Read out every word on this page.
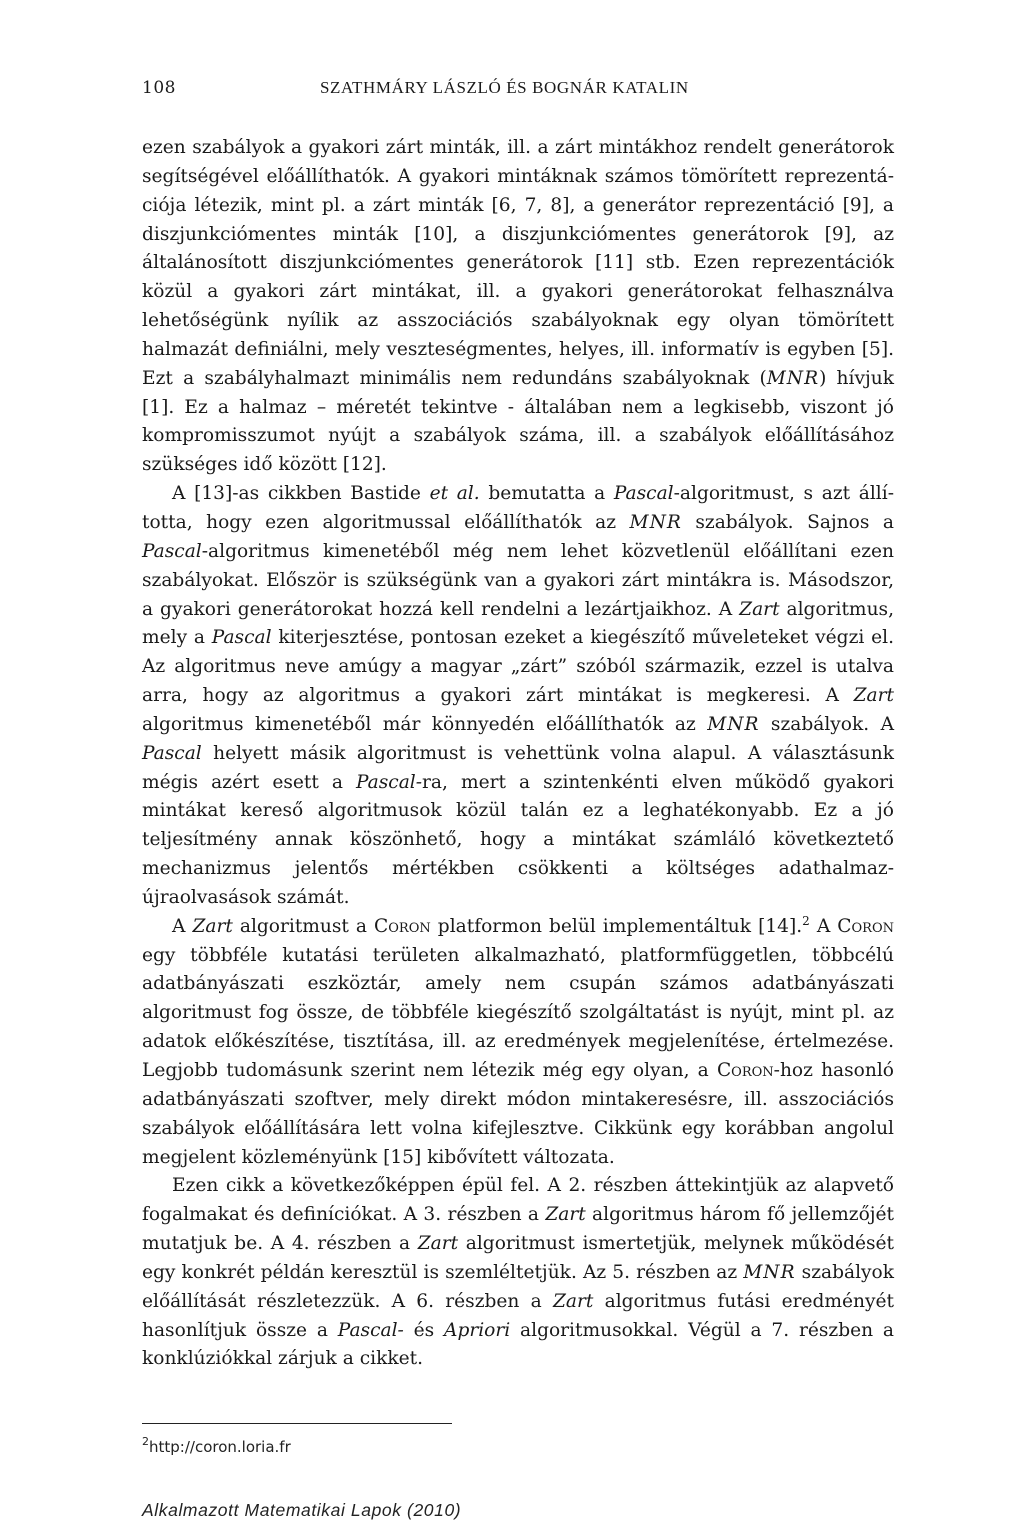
108	SZATHMÁRY LÁSZLÓ ÉS BOGNÁR KATALIN

ezen szabályok a gyakori zárt minták, ill. a zárt mintákhoz rendelt generátorok segítségével előállíthatók. A gyakori mintáknak számos tömörített reprezentációja létezik, mint pl. a zárt minták [6, 7, 8], a generátor reprezentáció [9], a diszjunkciómentes minták [10], a diszjunkciómentes generátorok [9], az általánosított diszjunkciómentes generátorok [11] stb. Ezen reprezentációk közül a gyakori zárt mintákat, ill. a gyakori generátorokat felhasználva lehetőségünk nyílik az asszociációs szabályoknak egy olyan tömörített halmazát definiálni, mely veszteségmentes, helyes, ill. informatív is egyben [5]. Ezt a szabályhalmazt minimális nem redundáns szabályoknak (MNR) hívjuk [1]. Ez a halmaz – méretét tekintve - általában nem a legkisebb, viszont jó kompromisszumot nyújt a szabályok száma, ill. a szabályok előállításához szükséges idő között [12].

A [13]-as cikkben Bastide et al. bemutatta a Pascal-algoritmust, s azt állította, hogy ezen algoritmussal előállíthatók az MNR szabályok. Sajnos a Pascal-algoritmus kimenetéből még nem lehet közvetlenül előállítani ezen szabályokat. Először is szükségünk van a gyakori zárt mintákra is. Másodszor, a gyakori generátorokat hozzá kell rendelni a lezártjaikhoz. A Zart algoritmus, mely a Pascal kiterjesztése, pontosan ezeket a kiegészítő műveleteket végzi el. Az algoritmus neve amúgy a magyar „zárt” szóból származik, ezzel is utalva arra, hogy az algoritmus a gyakori zárt mintákat is megkeresi. A Zart algoritmus kimenetéből már könnyedén előállíthatók az MNR szabályok. A Pascal helyett másik algoritmust is vehettünk volna alapul. A választásunk mégis azért esett a Pascal-ra, mert a szintenkénti elven működő gyakori mintákat kereső algoritmusok közül talán ez a leghatékonyabb. Ez a jó teljesítmény annak köszönhető, hogy a mintákat számláló következtető mechanizmus jelentős mértékben csökkenti a költséges adathalmaz-újraolvasások számát.

A Zart algoritmust a Coron platformon belül implementáltuk [14].$^2$ A Coron egy többféle kutatási területen alkalmazható, platformfüggetlen, többcélú adatbányászati eszköztár, amely nem csupán számos adatbányászati algoritmust fog össze, de többféle kiegészítő szolgáltatást is nyújt, mint pl. az adatok előkészítése, tisztítása, ill. az eredmények megjelenítése, értelmezése. Legjobb tudomásunk szerint nem létezik még egy olyan, a Coron-hoz hasonló adatbányászati szoftver, mely direkt módon mintakeresésre, ill. asszociációs szabályok előállítására lett volna kifejlesztve. Cikkünk egy korábban angolul megjelent közleményünk [15] kibővített változata.

Ezen cikk a következőképpen épül fel. A 2. részben áttekintjük az alapvető fogalmakat és definíciókat. A 3. részben a Zart algoritmus három fő jellemzőjét mutatjuk be. A 4. részben a Zart algoritmust ismertetjük, melynek működését egy konkrét példán keresztül is szemléltetjük. Az 5. részben az MNR szabályok előállítását részletezzük. A 6. részben a Zart algoritmus futási eredményét hasonlítjuk össze a Pascal- és Apriori algoritmusokkal. Végül a 7. részben a konklúziókkal zárjuk a cikket.

$^2$http://coron.loria.fr
Alkalmazott Matematikai Lapok (2010)
